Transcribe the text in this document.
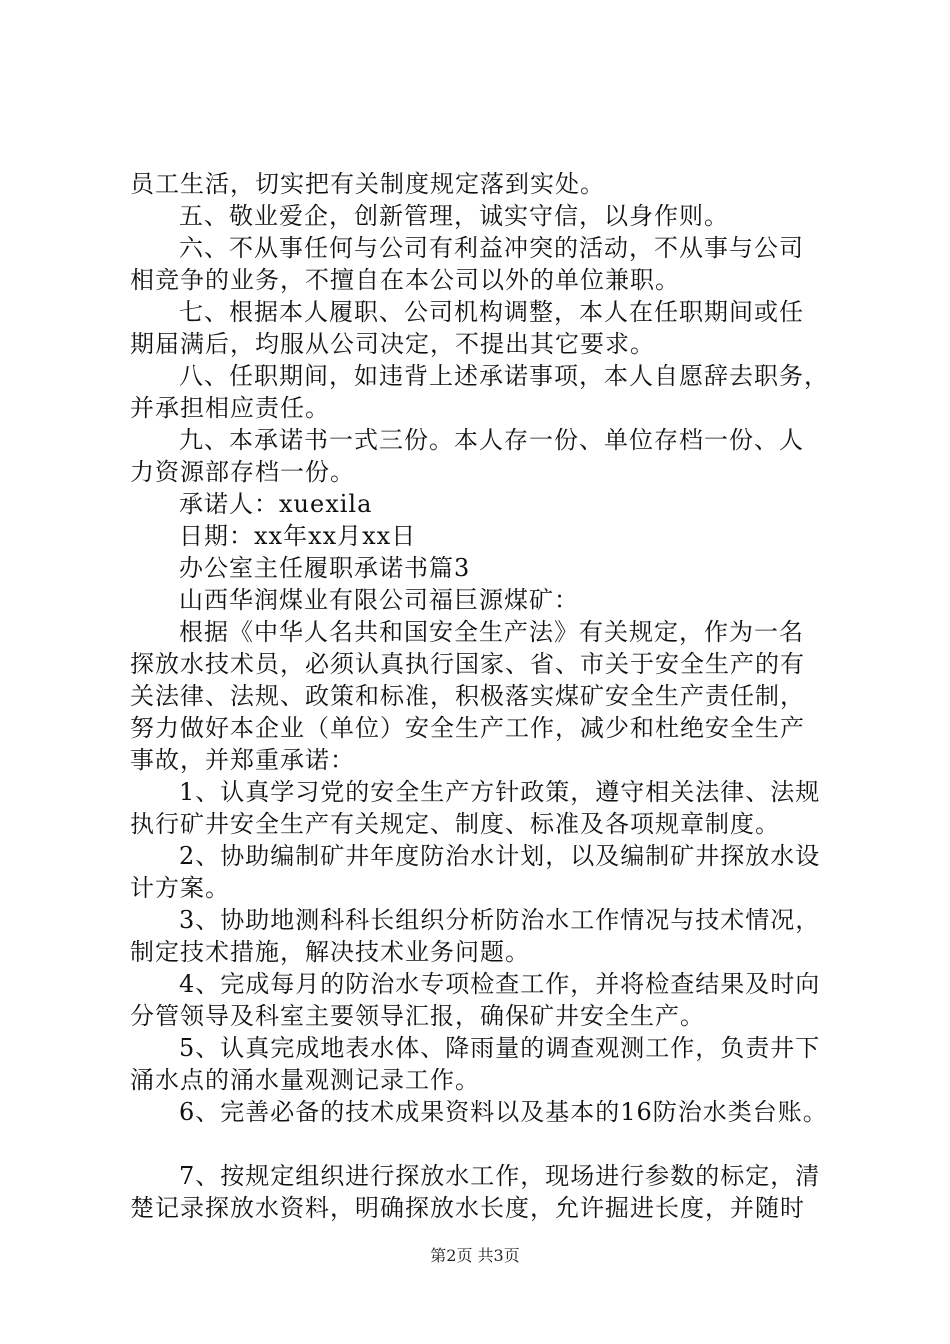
员工生活，切实把有关制度规定落到实处。
五、敬业爱企，创新管理，诚实守信，以身作则。
六、不从事任何与公司有利益冲突的活动，不从事与公司
相竞争的业务，不擅自在本公司以外的单位兼职。
七、根据本人履职、公司机构调整，本人在任职期间或任
期届满后，均服从公司决定，不提出其它要求。
八、任职期间，如违背上述承诺事项，本人自愿辞去职务，
并承担相应责任。
九、本承诺书一式三份。本人存一份、单位存档一份、人
力资源部存档一份。
承诺人：xuexila
日期：xx年xx月xx日
办公室主任履职承诺书篇3
山西华润煤业有限公司福巨源煤矿：
根据《中华人名共和国安全生产法》有关规定，作为一名
探放水技术员，必须认真执行国家、省、市关于安全生产的有
关法律、法规、政策和标准，积极落实煤矿安全生产责任制，
努力做好本企业（单位）安全生产工作，减少和杜绝安全生产
事故，并郑重承诺：
1、认真学习党的安全生产方针政策，遵守相关法律、法规
执行矿井安全生产有关规定、制度、标准及各项规章制度。
2、协助编制矿井年度防治水计划，以及编制矿井探放水设
计方案。
3、协助地测科科长组织分析防治水工作情况与技术情况，
制定技术措施，解决技术业务问题。
4、完成每月的防治水专项检查工作，并将检查结果及时向
分管领导及科室主要领导汇报，确保矿井安全生产。
5、认真完成地表水体、降雨量的调查观测工作，负责井下
涌水点的涌水量观测记录工作。
6、完善必备的技术成果资料以及基本的16防治水类台账。
7、按规定组织进行探放水工作，现场进行参数的标定，清
楚记录探放水资料，明确探放水长度，允许掘进长度，并随时
第2页 共3页
